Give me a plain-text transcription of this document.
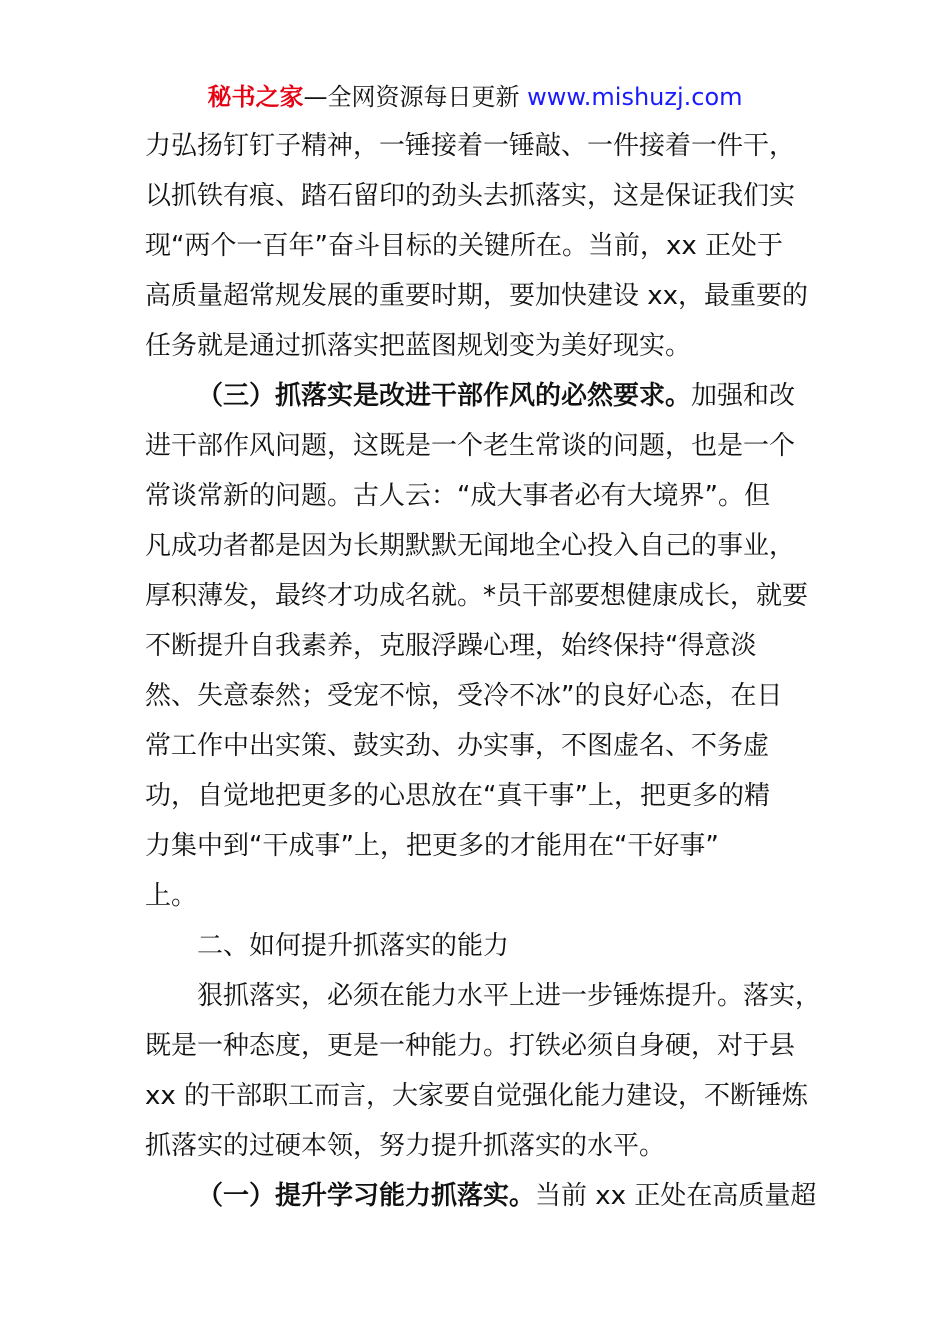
秘书之家—全网资源每日更新 www.mishuzj.com
力弘扬钉钉子精神，一锤接着一锤敲、一件接着一件干，
以抓铁有痕、踏石留印的劲头去抓落实，这是保证我们实
现“两个一百年”奋斗目标的关键所在。当前，xx 正处于
高质量超常规发展的重要时期，要加快建设 xx，最重要的
任务就是通过抓落实把蓝图规划变为美好现实。
（三）抓落实是改进干部作风的必然要求。加强和改
进干部作风问题，这既是一个老生常谈的问题，也是一个
常谈常新的问题。古人云：“成大事者必有大境界”。但
凡成功者都是因为长期默默无闻地全心投入自己的事业，
厚积薄发，最终才功成名就。*员干部要想健康成长，就要
不断提升自我素养，克服浮躁心理，始终保持“得意淡
然、失意泰然；受宠不惊，受冷不冰”的良好心态，在日
常工作中出实策、鼓实劲、办实事，不图虚名、不务虚
功，自觉地把更多的心思放在“真干事”上，把更多的精
力集中到“干成事”上，把更多的才能用在“干好事”
上。
二、如何提升抓落实的能力
狠抓落实，必须在能力水平上进一步锤炼提升。落实，
既是一种态度，更是一种能力。打铁必须自身硬，对于县
xx 的干部职工而言，大家要自觉强化能力建设，不断锤炼
抓落实的过硬本领，努力提升抓落实的水平。
（一）提升学习能力抓落实。当前 xx 正处在高质量超
